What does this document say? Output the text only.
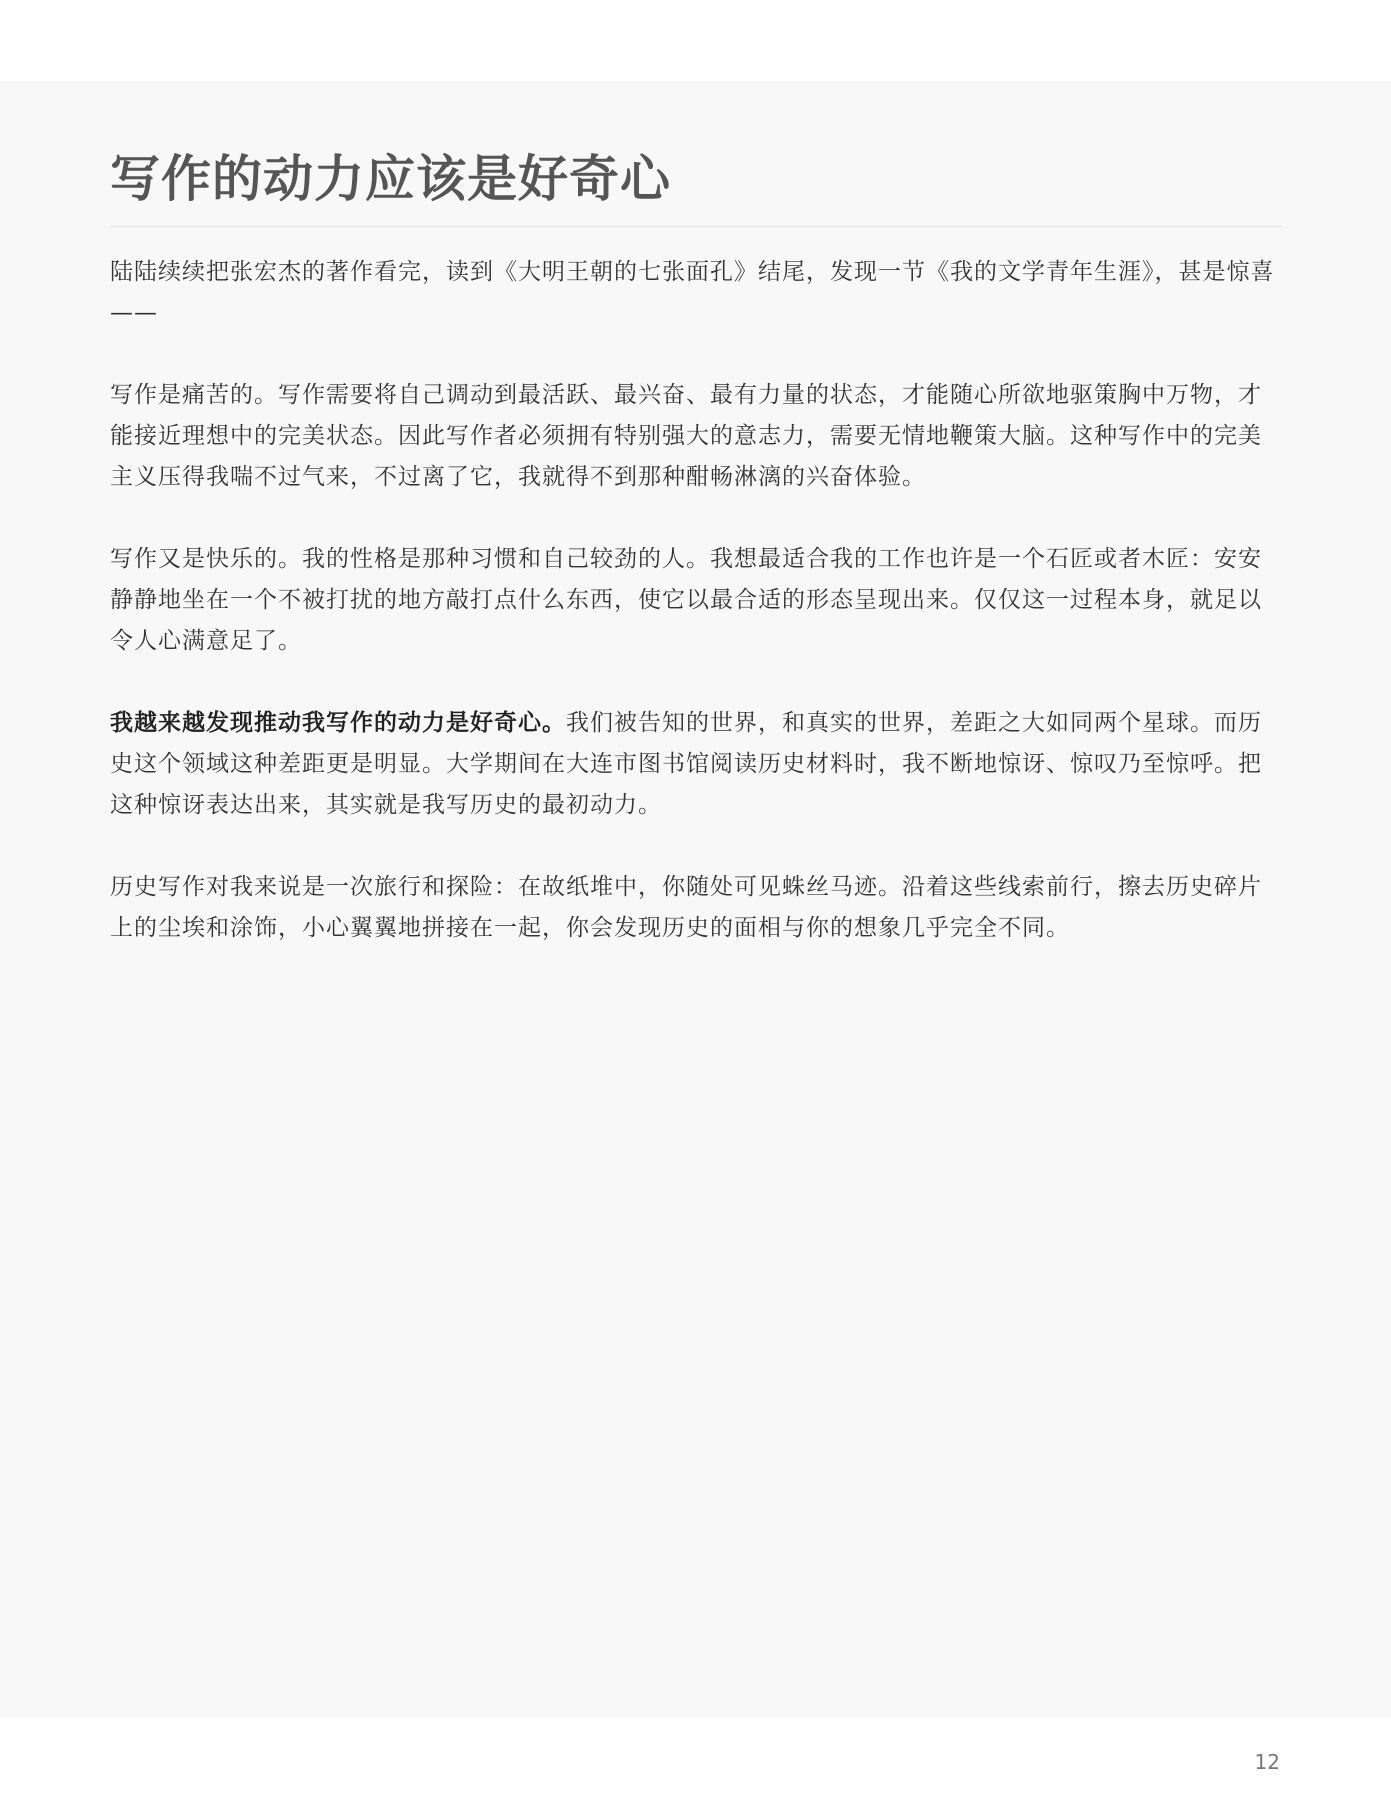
写作的动力应该是好奇心

陆陆续续把张宏杰的著作看完，读到《大明王朝的七张面孔》结尾，发现一节《我的文学青年生涯》，甚是惊喜——

写作是痛苦的。写作需要将自己调动到最活跃、最兴奋、最有力量的状态，才能随心所欲地驱策胸中万物，才能接近理想中的完美状态。因此写作者必须拥有特别强大的意志力，需要无情地鞭策大脑。这种写作中的完美主义压得我喘不过气来，不过离了它，我就得不到那种酣畅淋漓的兴奋体验。

写作又是快乐的。我的性格是那种习惯和自己较劲的人。我想最适合我的工作也许是一个石匠或者木匠：安安静静地坐在一个不被打扰的地方敲打点什么东西，使它以最合适的形态呈现出来。仅仅这一过程本身，就足以令人心满意足了。

我越来越发现推动我写作的动力是好奇心。我们被告知的世界，和真实的世界，差距之大如同两个星球。而历史这个领域这种差距更是明显。大学期间在大连市图书馆阅读历史材料时，我不断地惊讶、惊叹乃至惊呼。把这种惊讶表达出来，其实就是我写历史的最初动力。

历史写作对我来说是一次旅行和探险：在故纸堆中，你随处可见蛛丝马迹。沿着这些线索前行，擦去历史碎片上的尘埃和涂饰，小心翼翼地拼接在一起，你会发现历史的面相与你的想象几乎完全不同。

12
